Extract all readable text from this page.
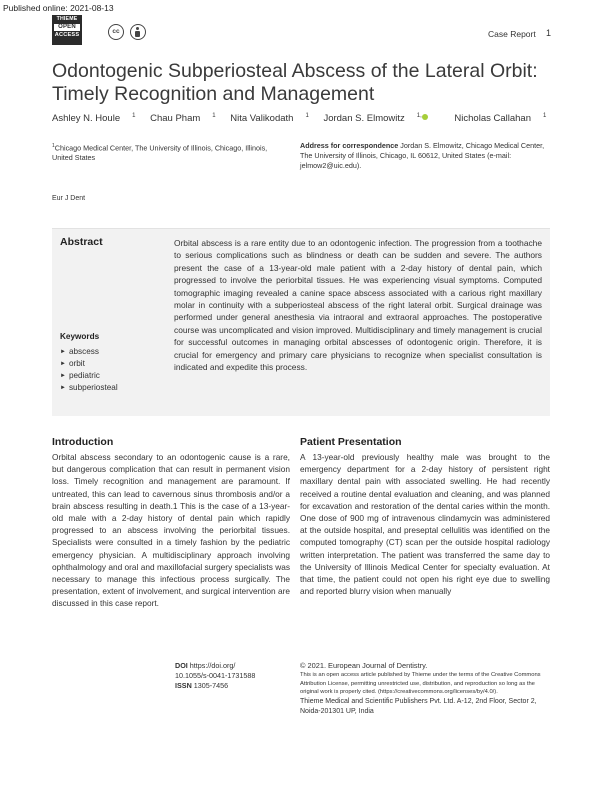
Published online: 2021-08-13
THIEME
OPEN
ACCESS	cc	Case Report 1
Odontogenic Subperiosteal Abscess of the Lateral Orbit: Timely Recognition and Management
Ashley N. Houle $^1$ Chau Pham $^1$ Nita Valikodath $^1$ Jordan S. Elmowitz $^{1,}$	Nicholas Callahan $^1$
$^1$Chicago Medical Center, The University of Illinois, Chicago, Illinois, United States
Address for correspondence Jordan S. Elmowitz, Chicago Medical Center, The University of Illinois, Chicago, IL 60612, United States (e-mail: jelmow2@uic.edu).
Eur J Dent
Abstract	Orbital abscess is a rare entity due to an odontogenic infection. The progression from a toothache to serious complications such as blindness or death can be sudden and severe. The authors present the case of a 13-year-old male patient with a 2-day history of dental pain, which progressed to involve the periorbital tissues. He was experiencing visual symptoms. Computed tomographic imaging revealed a canine space abscess associated with a carious right maxillary molar in continuity with a subperiosteal abscess of the right lateral orbit. Surgical drainage was performed under general anesthesia via intraoral and extraoral approaches. The postoperative course was uncomplicated and vision improved. Multidisciplinary and timely management is crucial for successful outcomes in managing orbital abscesses of odontogenic origin. Therefore, it is crucial for emergency and primary care physicians to recognize when specialist consultation is indicated and expedite this process.

Keywords
► abscess
► orbit
► pediatric
► subperiosteal
Introduction

Orbital abscess secondary to an odontogenic cause is a rare, but dangerous complication that can result in permanent vision loss. Timely recognition and management are paramount. If untreated, this can lead to cavernous sinus thrombosis and/or a brain abscess resulting in death.1 This is the case of a 13-year-old male with a 2-day history of dental pain which rapidly progressed to an abscess involving the periorbital tissues. Specialists were consulted in a timely fashion by the pediatric emergency physician. A multidisciplinary approach involving ophthalmology and oral and maxillofacial surgery specialists was necessary to manage this infectious process surgically. The presentation, extent of involvement, and surgical intervention are discussed in this case report.

Patient Presentation

A 13-year-old previously healthy male was brought to the emergency department for a 2-day history of persistent right maxillary dental pain with associated swelling. He had recently received a routine dental evaluation and cleaning, and was planned for excavation and restoration of the dental caries within the month. One dose of 900 mg of intravenous clindamycin was administered at the outside hospital, and preseptal cellulitis was identified on the computed tomography (CT) scan per the outside hospital radiology written interpretation. The patient was transferred the same day to the University of Illinois Medical Center for specialty evaluation. At that time, the patient could not open his right eye due to swelling and reported blurry vision when manually

DOI https://doi.org/
10.1055/s-0041-1731588
ISSN 1305-7456
© 2021. European Journal of Dentistry.
This is an open access article published by Thieme under the terms of the Creative Commons Attribution License, permitting unrestricted use, distribution, and reproduction so long as the original work is properly cited. (https://creativecommons.org/licenses/by/4.0/).
Thieme Medical and Scientific Publishers Pvt. Ltd. A-12, 2nd Floor, Sector 2, Noida-201301 UP, India
